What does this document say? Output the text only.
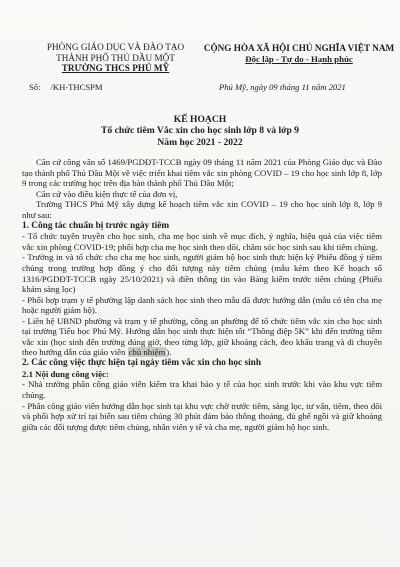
PHÒNG GIÁO DỤC VÀ ĐÀO TẠO
THÀNH PHỐ THỦ DẦU MỘT
TRƯỜNG THCS PHÚ MỸ
CỘNG HÒA XÃ HỘI CHỦ NGHĨA VIỆT NAM
Độc lập - Tự do - Hạnh phúc
Số: /KH-THCSPM	Phú Mỹ, ngày 09 tháng 11 năm 2021
KẾ HOẠCH
Tổ chức tiêm Vắc xin cho học sinh lớp 8 và lớp 9
Năm học 2021 - 2022

Căn cứ công văn số 1469/PGDĐT-TCCB ngày 09 tháng 11 năm 2021 của Phòng Giáo dục và Đào tạo thành phố Thủ Dầu Một về việc triển khai tiêm vắc xin phòng COVID – 19 cho học sinh lớp 8, lớp 9 trong các trường học trên địa bàn thành phố Thủ Dầu Một;

Căn cứ vào điều kiện thực tế của đơn vị,

Trường THCS Phú Mỹ xây dựng kế hoạch tiêm vắc xin COVID – 19 cho học sinh lớp 8, lớp 9 như sau:

1. Công tác chuẩn bị trước ngày tiêm

- Tổ chức tuyên truyền cho học sinh, cha mẹ học sinh về mục đích, ý nghĩa, hiệu quả của việc tiêm vắc xin phòng COVID-19; phối hợp cha mẹ học sinh theo dõi, chăm sóc học sinh sau khi tiêm chủng.

- Trường in và tổ chức cho cha mẹ học sinh, người giám hộ học sinh thực hiện ký Phiếu đồng ý tiêm chủng trong trường hợp đồng ý cho đối tượng này tiêm chủng (mẫu kèm theo Kế hoạch số 1316/PGDĐT-TCCB ngày 25/10/2021) và điền thông tin vào Bảng kiểm trước tiêm chủng (Phiếu khám sàng lọc)

- Phối hợp trạm y tế phường lập danh sách học sinh theo mẫu đã được hướng dẫn (mẫu có tên cha mẹ hoặc người giám hộ).

- Liên hệ UBND phường và trạm y tế phường, công an phường để tổ chức tiêm vắc xin cho học sinh tại trường Tiểu học Phú Mỹ. Hướng dẫn học sinh thực hiện tốt “Thông điệp 5K” khi đến trường tiêm vắc xin (học sinh đến trường đúng giờ, theo từng lớp, giữ khoảng cách, đeo khẩu trang và di chuyển theo hướng dẫn của giáo viên chủ nhiệm).

2. Các công việc thực hiện tại ngày tiêm vắc xin cho học sinh

2.1 Nội dung công việc:

- Nhà trường phân công giáo viên kiểm tra khai báo y tế của học sinh trước khi vào khu vực tiêm chủng.

- Phân công giáo viên hướng dẫn học sinh tại khu vực chờ trước tiêm, sàng lọc, tư vấn, tiêm, theo dõi và phối hợp xử trí tại biến sau tiêm chủng 30 phút đảm bảo thông thoáng, đủ ghế ngồi và giữ khoảng giữa các đối tượng được tiêm chủng, nhân viên y tế và cha mẹ, người giám hộ học sinh.
